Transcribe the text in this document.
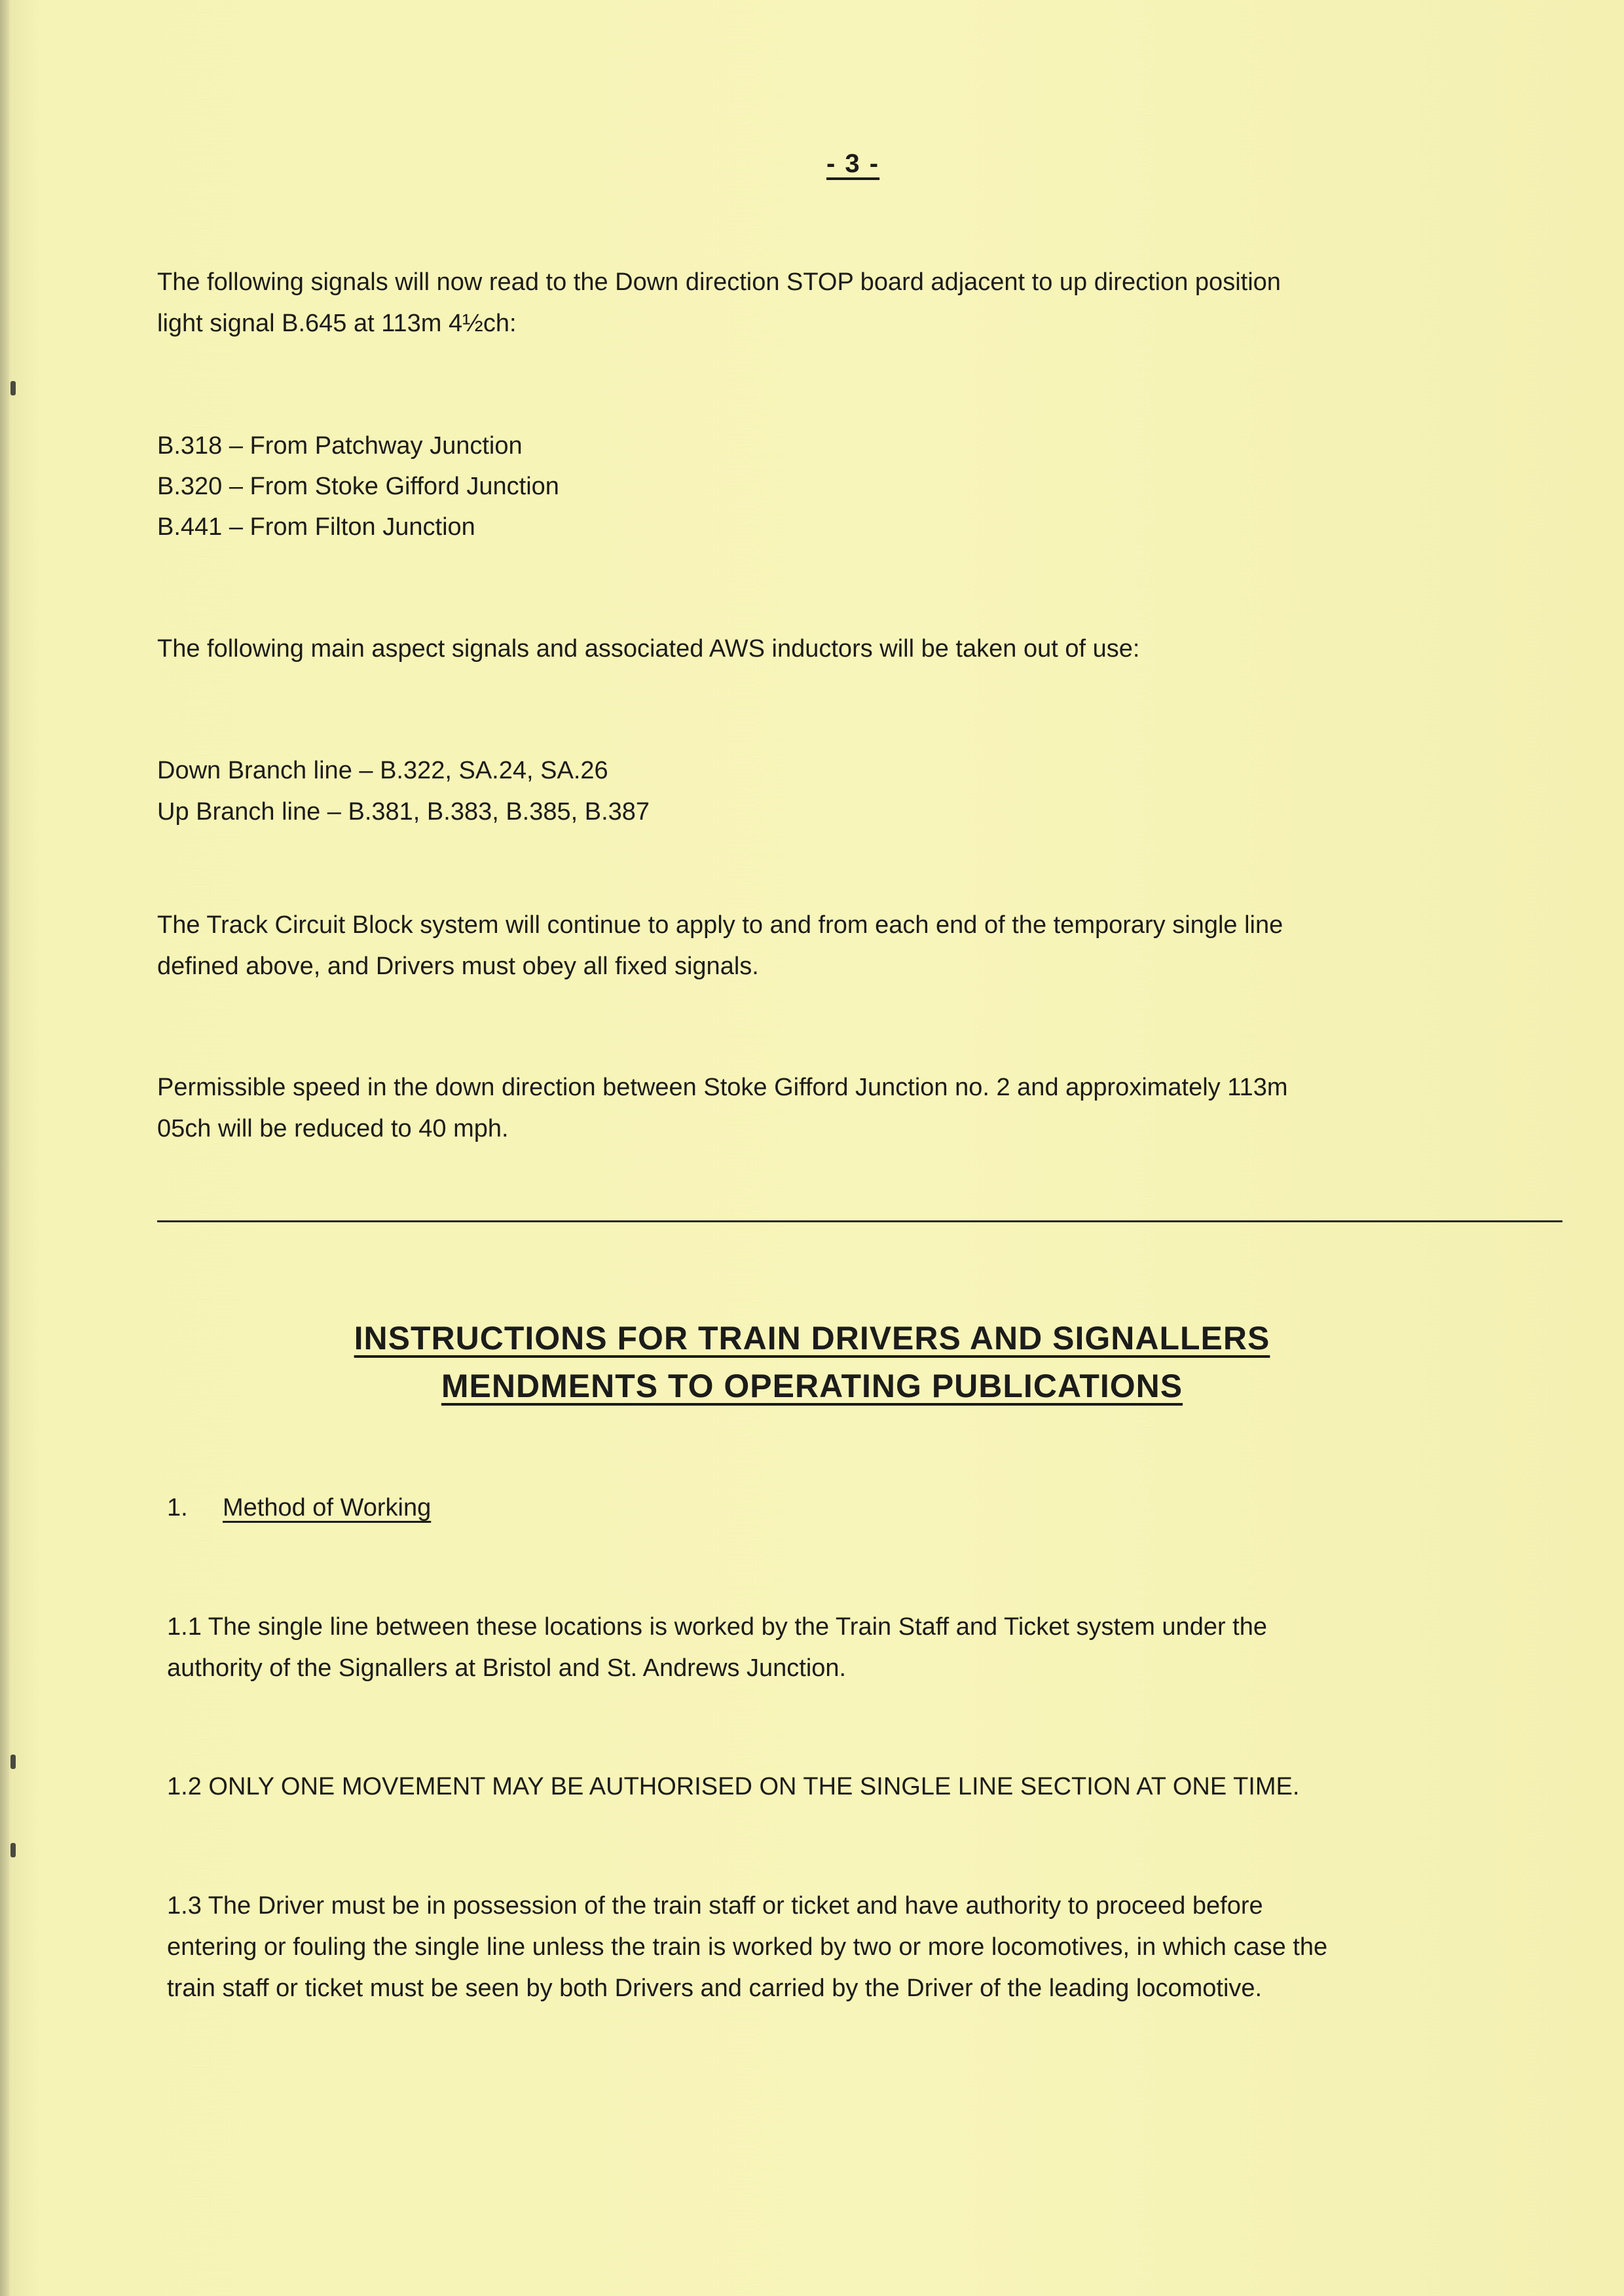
- 3 -

The following signals will now read to the Down direction STOP board adjacent to up direction position
light signal B.645 at 113m 4½ch:

B.318 – From Patchway Junction
B.320 – From Stoke Gifford Junction
B.441 – From Filton Junction

The following main aspect signals and associated AWS inductors will be taken out of use:

Down Branch line – B.322, SA.24, SA.26
Up Branch line – B.381, B.383, B.385, B.387

The Track Circuit Block system will continue to apply to and from each end of the temporary single line
defined above, and Drivers must obey all fixed signals.

Permissible speed in the down direction between Stoke Gifford Junction no. 2 and approximately 113m
05ch will be reduced to 40 mph.

INSTRUCTIONS FOR TRAIN DRIVERS AND SIGNALLERS
MENDMENTS TO OPERATING PUBLICATIONS
1. Method of Working

1.1 The single line between these locations is worked by the Train Staff and Ticket system under the
authority of the Signallers at Bristol and St. Andrews Junction.

1.2 ONLY ONE MOVEMENT MAY BE AUTHORISED ON THE SINGLE LINE SECTION AT ONE TIME.

1.3 The Driver must be in possession of the train staff or ticket and have authority to proceed before
entering or fouling the single line unless the train is worked by two or more locomotives, in which case the
train staff or ticket must be seen by both Drivers and carried by the Driver of the leading locomotive.
